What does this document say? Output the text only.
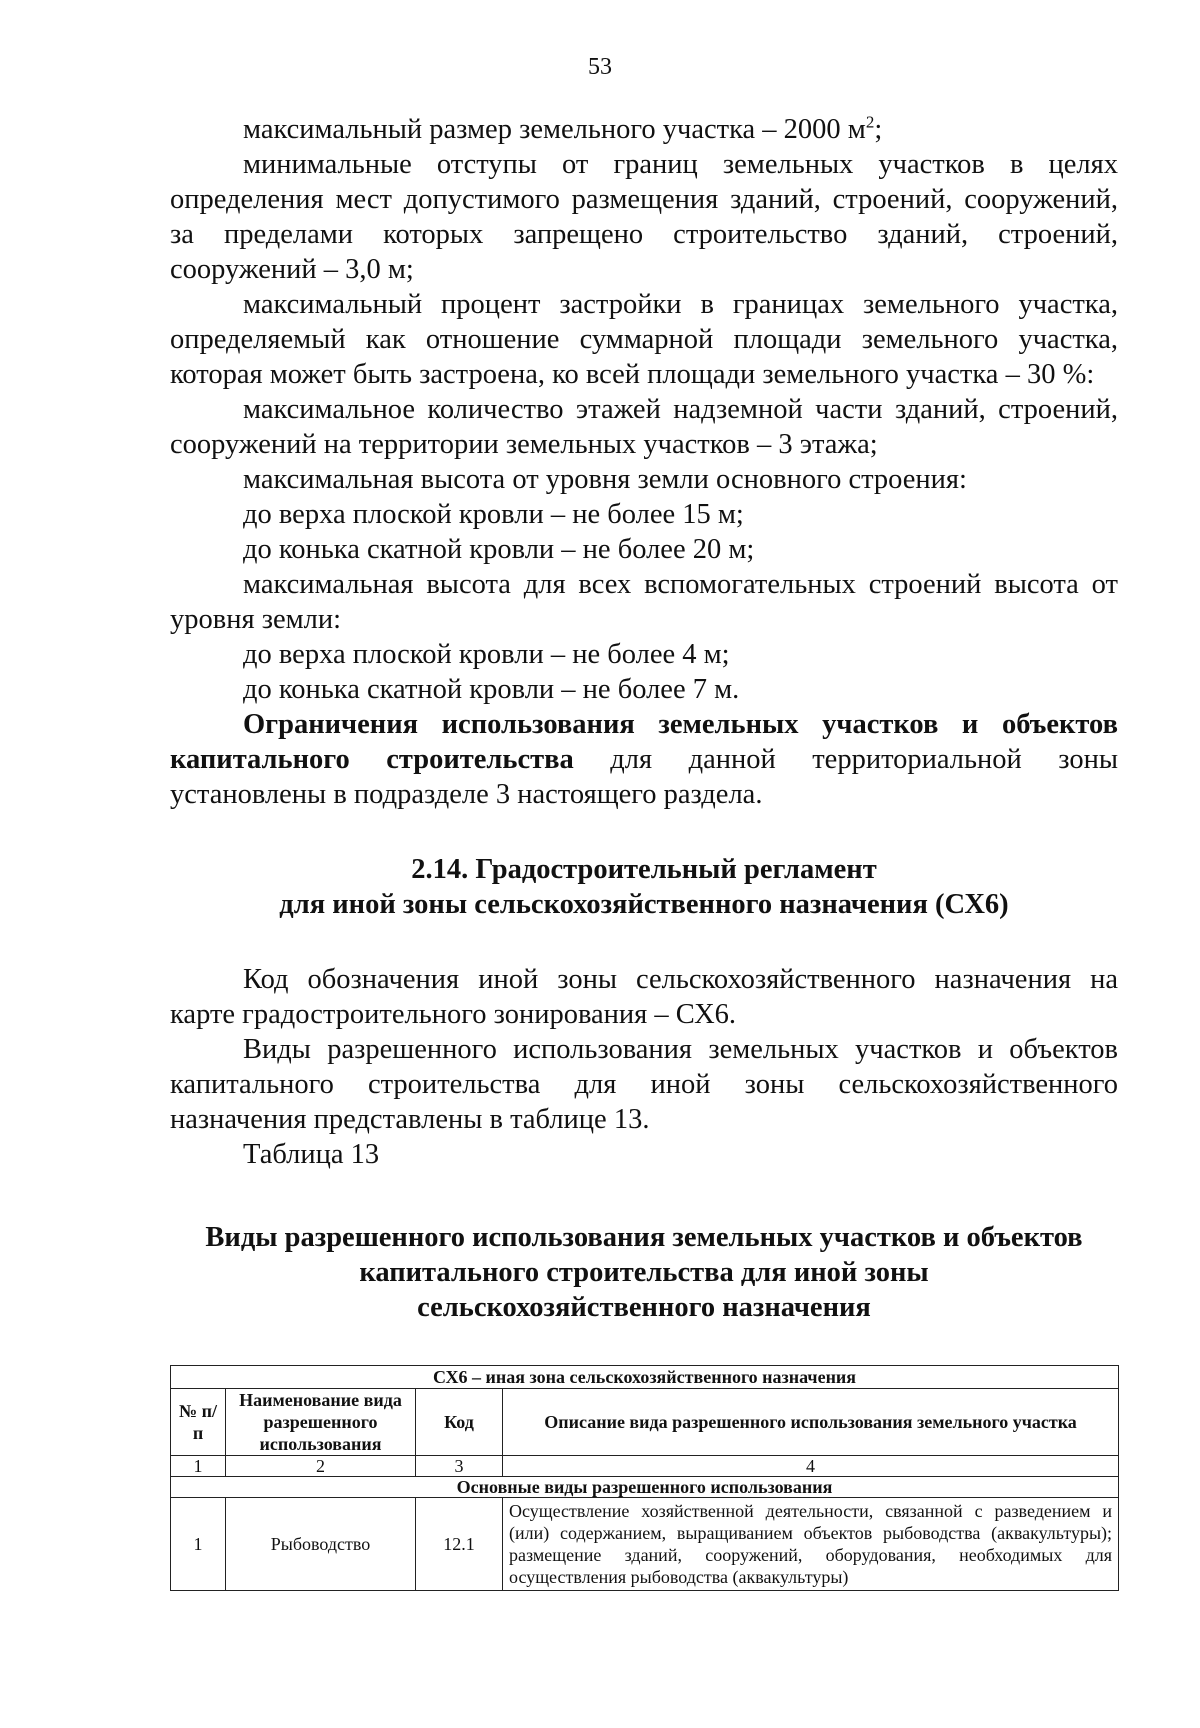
53

максимальный размер земельного участка – 2000 $м^2$;

минимальные отступы от границ земельных участков в целях определения мест допустимого размещения зданий, строений, сооружений, за пределами которых запрещено строительство зданий, строений, сооружений – 3,0 м;

максимальный процент застройки в границах земельного участка, определяемый как отношение суммарной площади земельного участка, которая может быть застроена, ко всей площади земельного участка – 30 %:

максимальное количество этажей надземной части зданий, строений, сооружений на территории земельных участков – 3 этажа;

максимальная высота от уровня земли основного строения:

до верха плоской кровли – не более 15 м;

до конька скатной кровли – не более 20 м;

максимальная высота для всех вспомогательных строений высота от уровня земли:

до верха плоской кровли – не более 4 м;

до конька скатной кровли – не более 7 м.

Ограничения использования земельных участков и объектов капитального строительства для данной территориальной зоны установлены в подразделе 3 настоящего раздела.

2.14. Градостроительный регламент
для иной зоны сельскохозяйственного назначения (СХ6)

Код обозначения иной зоны сельскохозяйственного назначения на карте градостроительного зонирования – СХ6.

Виды разрешенного использования земельных участков и объектов капитального строительства для иной зоны сельскохозяйственного назначения представлены в таблице 13.

Таблица 13

Виды разрешенного использования земельных участков и объектов
капитального строительства для иной зоны
сельскохозяйственного назначения
СХ6 – иная зона сельскохозяйственного назначения			
№ п/п	Наименование вида разрешенного использования	Код	Описание вида разрешенного использования земельного участка
1	2	3	4
Основные виды разрешенного использования			
1	Рыбоводство	12.1	Осуществление хозяйственной деятельности, связанной с разведением и (или) содержанием, выращиванием объектов рыбоводства (аквакультуры); размещение зданий, сооружений, оборудования, необходимых для осуществления рыбоводства (аквакультуры)
